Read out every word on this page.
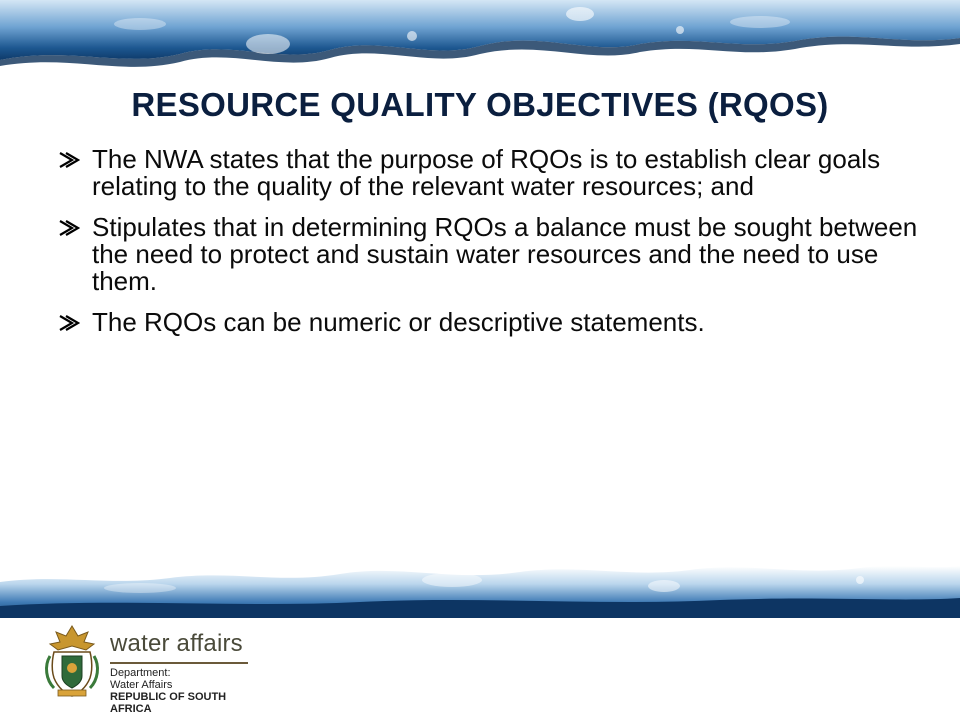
RESOURCE QUALITY OBJECTIVES (RQOS)
The NWA states that the purpose of RQOs is to establish clear goals relating to the quality of the relevant water resources; and
Stipulates that in determining RQOs a balance must be sought between the need to protect and sustain water resources and the need to use them.
The RQOs can be numeric or descriptive statements.
water affairs
Department:
Water Affairs
REPUBLIC OF SOUTH AFRICA
